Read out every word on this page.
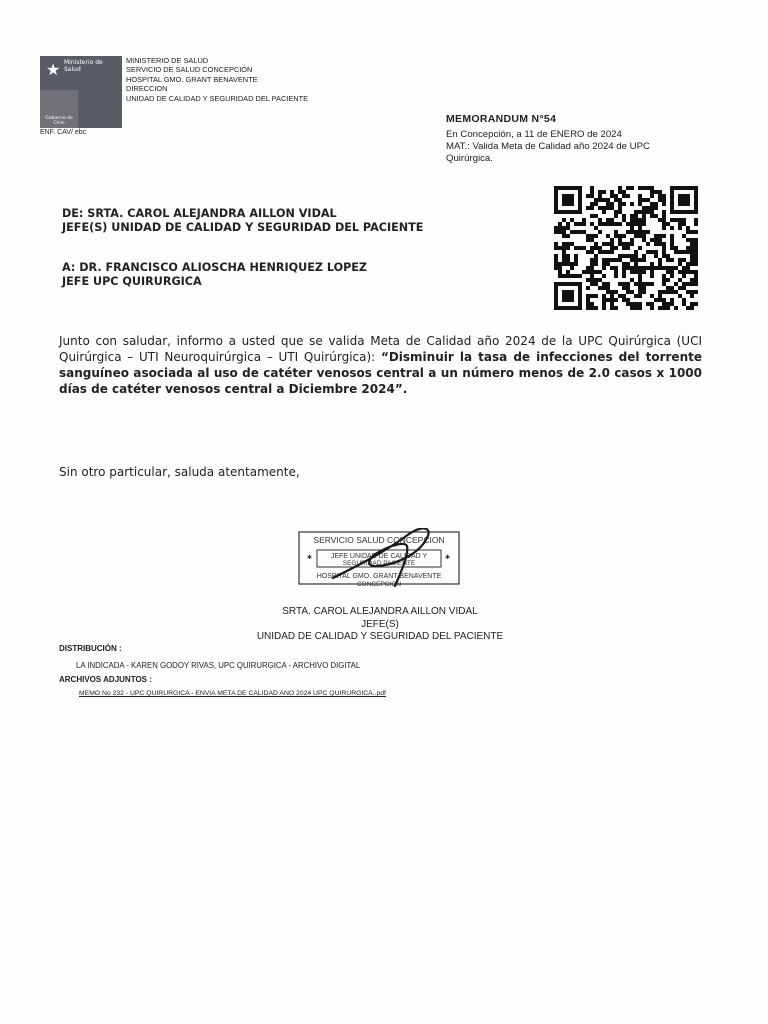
★ Ministerio de
Salud
Gobierno de Chile
MINISTERIO DE SALUD
SERVICIO DE SALUD CONCEPCIÓN
HOSPITAL GMO. GRANT BENAVENTE
DIRECCION
UNIDAD DE CALIDAD Y SEGURIDAD DEL PACIENTE
ENF. CAV/ ebc
MEMORANDUM N°54
En Concepción, a 11 de ENERO de 2024
MAT.: Valida Meta de Calidad año 2024 de UPC
Quirúrgica.
DE: SRTA. CAROL ALEJANDRA AILLON VIDAL
JEFE(S) UNIDAD DE CALIDAD Y SEGURIDAD DEL PACIENTE
A: DR. FRANCISCO ALIOSCHA HENRIQUEZ LOPEZ
JEFE UPC QUIRURGICA
Junto con saludar, informo a usted que se valida Meta de Calidad año 2024 de la UPC Quirúrgica (UCI Quirúrgica – UTI Neuroquirúrgica – UTI Quirúrgica): “Disminuir la tasa de infecciones del torrente sanguíneo asociada al uso de catéter venosos central a un número menos de 2.0 casos x 1000 días de catéter venosos central a Diciembre 2024”.
Sin otro particular, saluda atentamente,
SERVICIO SALUD CONCEPCION
JEFE UNIDAD DE CALIDAD Y
SEGURIDAD PACIENTE
HOSPITAL GMO. GRANT BENAVENTE
CONCEPCION
✱	✱
SRTA. CAROL ALEJANDRA AILLON VIDAL
JEFE(S)
UNIDAD DE CALIDAD Y SEGURIDAD DEL PACIENTE
DISTRIBUCIÓN :
LA INDICADA - KAREN GODOY RIVAS, UPC QUIRURGICA - ARCHIVO DIGITAL
ARCHIVOS ADJUNTOS :
MEMO No 232 - UPC QUIRURGICA - ENVIA META DE CALIDAD ANO 2024 UPC QUIRURGICA..pdf
